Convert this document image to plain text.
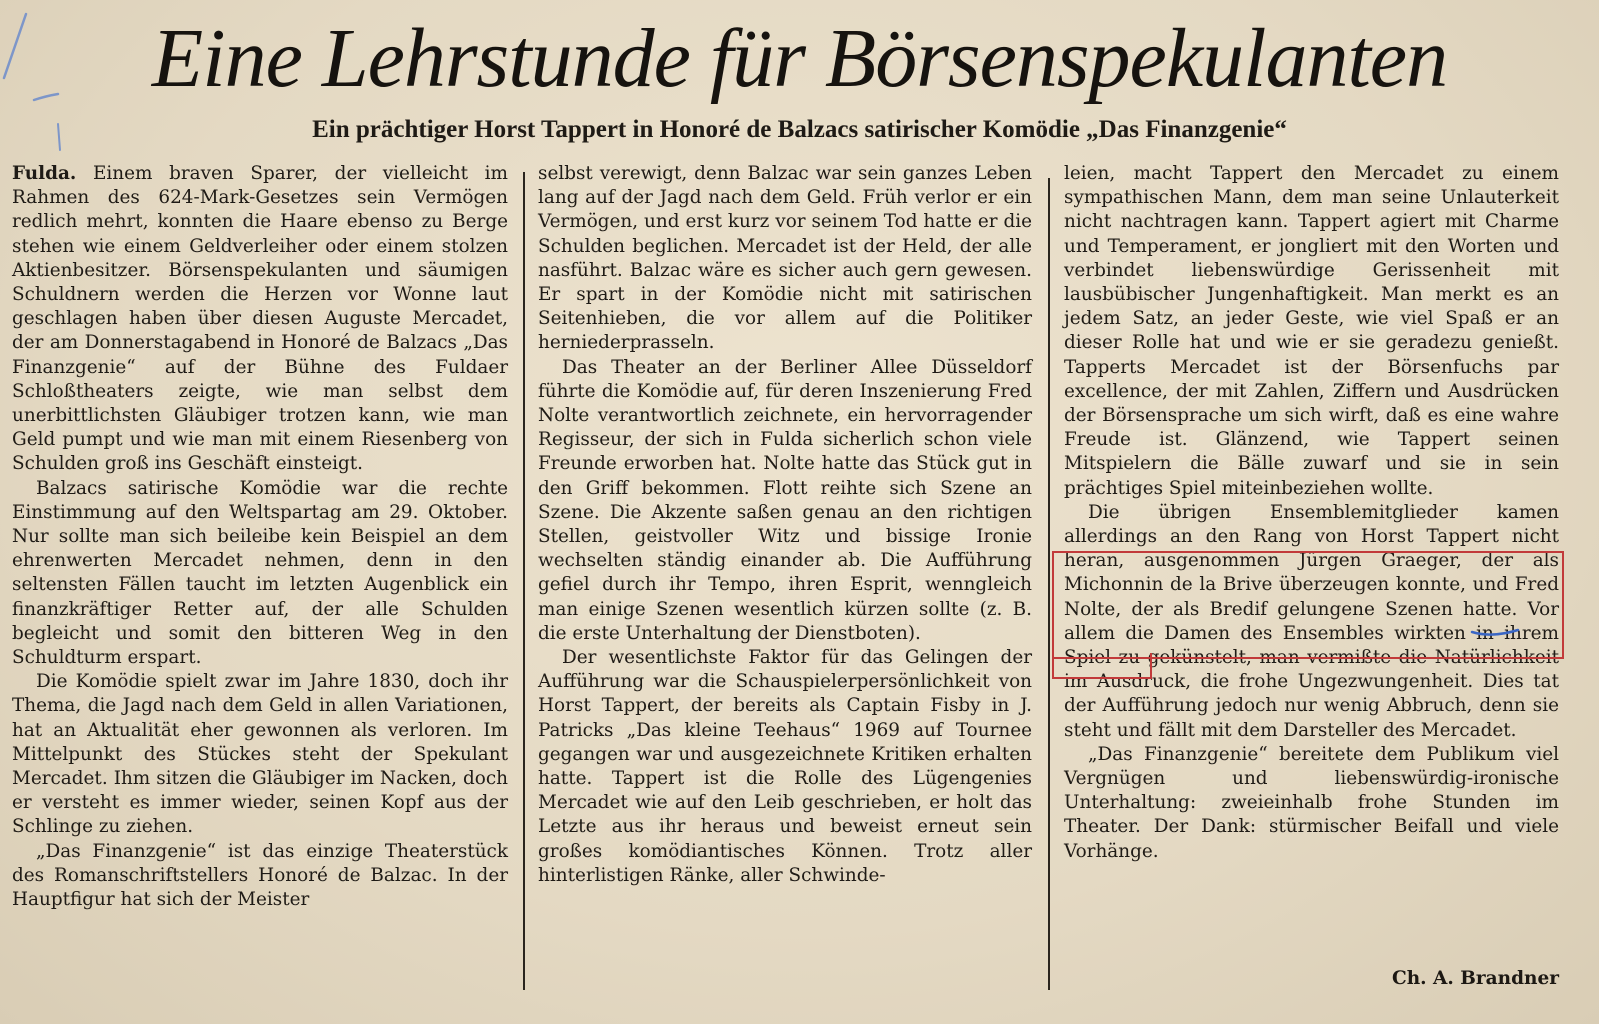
Eine Lehrstunde für Börsenspekulanten
Ein prächtiger Horst Tappert in Honoré de Balzacs satirischer Komödie „Das Finanzgenie“

Fulda. Einem braven Sparer, der vielleicht im Rahmen des 624-Mark-Gesetzes sein Vermögen redlich mehrt, konnten die Haare ebenso zu Berge stehen wie einem Geldverleiher oder einem stolzen Aktienbesitzer. Börsenspekulanten und säumigen Schuldnern werden die Herzen vor Wonne laut geschlagen haben über diesen Auguste Mercadet, der am Donnerstagabend in Honoré de Balzacs „Das Finanzgenie“ auf der Bühne des Fuldaer Schloßtheaters zeigte, wie man selbst dem unerbittlichsten Gläubiger trotzen kann, wie man Geld pumpt und wie man mit einem Riesenberg von Schulden groß ins Geschäft einsteigt.

Balzacs satirische Komödie war die rechte Einstimmung auf den Weltspartag am 29. Oktober. Nur sollte man sich beileibe kein Beispiel an dem ehrenwerten Mercadet nehmen, denn in den seltensten Fällen taucht im letzten Augenblick ein finanzkräftiger Retter auf, der alle Schulden begleicht und somit den bitteren Weg in den Schuldturm erspart.

Die Komödie spielt zwar im Jahre 1830, doch ihr Thema, die Jagd nach dem Geld in allen Variationen, hat an Aktualität eher gewonnen als verloren. Im Mittelpunkt des Stückes steht der Spekulant Mercadet. Ihm sitzen die Gläubiger im Nacken, doch er versteht es immer wieder, seinen Kopf aus der Schlinge zu ziehen.

„Das Finanzgenie“ ist das einzige Theaterstück des Romanschriftstellers Honoré de Balzac. In der Hauptfigur hat sich der Meister

selbst verewigt, denn Balzac war sein ganzes Leben lang auf der Jagd nach dem Geld. Früh verlor er ein Vermögen, und erst kurz vor seinem Tod hatte er die Schulden beglichen. Mercadet ist der Held, der alle nasführt. Balzac wäre es sicher auch gern gewesen. Er spart in der Komödie nicht mit satirischen Seitenhieben, die vor allem auf die Politiker herniederprasseln.

Das Theater an der Berliner Allee Düsseldorf führte die Komödie auf, für deren Inszenierung Fred Nolte verantwortlich zeichnete, ein hervorragender Regisseur, der sich in Fulda sicherlich schon viele Freunde erworben hat. Nolte hatte das Stück gut in den Griff bekommen. Flott reihte sich Szene an Szene. Die Akzente saßen genau an den richtigen Stellen, geistvoller Witz und bissige Ironie wechselten ständig einander ab. Die Aufführung gefiel durch ihr Tempo, ihren Esprit, wenngleich man einige Szenen wesentlich kürzen sollte (z. B. die erste Unterhaltung der Dienstboten).

Der wesentlichste Faktor für das Gelingen der Aufführung war die Schauspielerpersönlichkeit von Horst Tappert, der bereits als Captain Fisby in J. Patricks „Das kleine Teehaus“ 1969 auf Tournee gegangen war und ausgezeichnete Kritiken erhalten hatte. Tappert ist die Rolle des Lügengenies Mercadet wie auf den Leib geschrieben, er holt das Letzte aus ihr heraus und beweist erneut sein großes komödiantisches Können. Trotz aller hinterlistigen Ränke, aller Schwinde-

leien, macht Tappert den Mercadet zu einem sympathischen Mann, dem man seine Unlauterkeit nicht nachtragen kann. Tappert agiert mit Charme und Temperament, er jongliert mit den Worten und verbindet liebenswürdige Gerissenheit mit lausbübischer Jungenhaftigkeit. Man merkt es an jedem Satz, an jeder Geste, wie viel Spaß er an dieser Rolle hat und wie er sie geradezu genießt. Tapperts Mercadet ist der Börsenfuchs par excellence, der mit Zahlen, Ziffern und Ausdrücken der Börsensprache um sich wirft, daß es eine wahre Freude ist. Glänzend, wie Tappert seinen Mitspielern die Bälle zuwarf und sie in sein prächtiges Spiel miteinbeziehen wollte.

Die übrigen Ensemblemitglieder kamen allerdings an den Rang von Horst Tappert nicht heran, ausgenommen Jürgen Graeger, der als Michonnin de la Brive überzeugen konnte, und Fred Nolte, der als Bredif gelungene Szenen hatte. Vor allem die Damen des Ensembles wirkten in ihrem Spiel zu gekünstelt, man vermißte die Natürlichkeit im Ausdruck, die frohe Ungezwungenheit. Dies tat der Aufführung jedoch nur wenig Abbruch, denn sie steht und fällt mit dem Darsteller des Mercadet.

„Das Finanzgenie“ bereitete dem Publikum viel Vergnügen und liebenswürdig-ironische Unterhaltung: zweieinhalb frohe Stunden im Theater. Der Dank: stürmischer Beifall und viele Vorhänge.

Ch. A. Brandner
